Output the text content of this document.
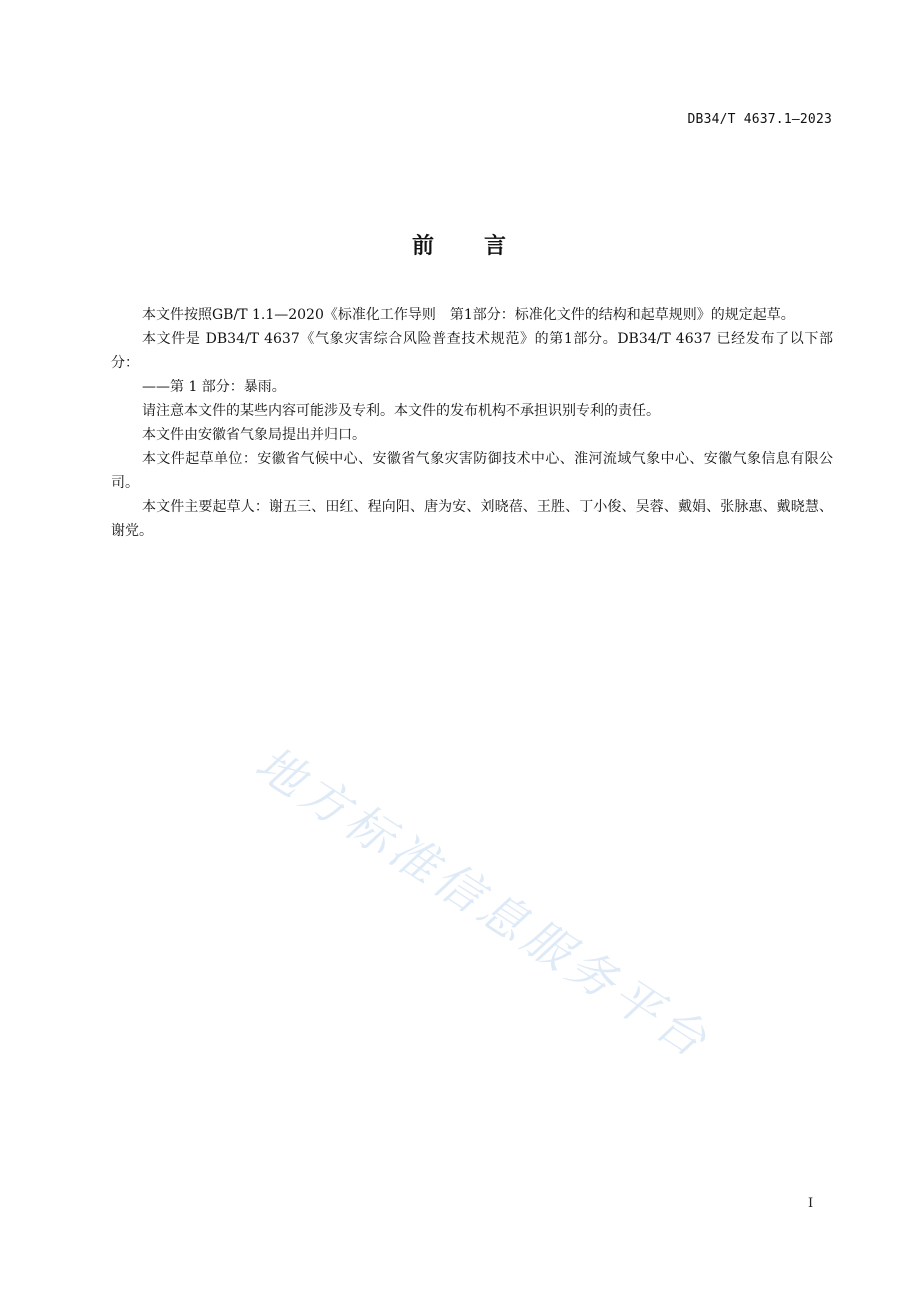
DB34/T 4637.1—2023
前 言

本文件按照GB/T 1.1—2020《标准化工作导则　第1部分：标准化文件的结构和起草规则》的规定起草。

本文件是 DB34/T 4637《气象灾害综合风险普查技术规范》的第1部分。DB34/T 4637 已经发布了以下部分：

——第 1 部分：暴雨。

请注意本文件的某些内容可能涉及专利。本文件的发布机构不承担识别专利的责任。

本文件由安徽省气象局提出并归口。

本文件起草单位：安徽省气候中心、安徽省气象灾害防御技术中心、淮河流域气象中心、安徽气象信息有限公司。

本文件主要起草人：谢五三、田红、程向阳、唐为安、刘晓蓓、王胜、丁小俊、吴蓉、戴娟、张脉惠、戴晓慧、谢党。

地方标准信息服务平台
I
